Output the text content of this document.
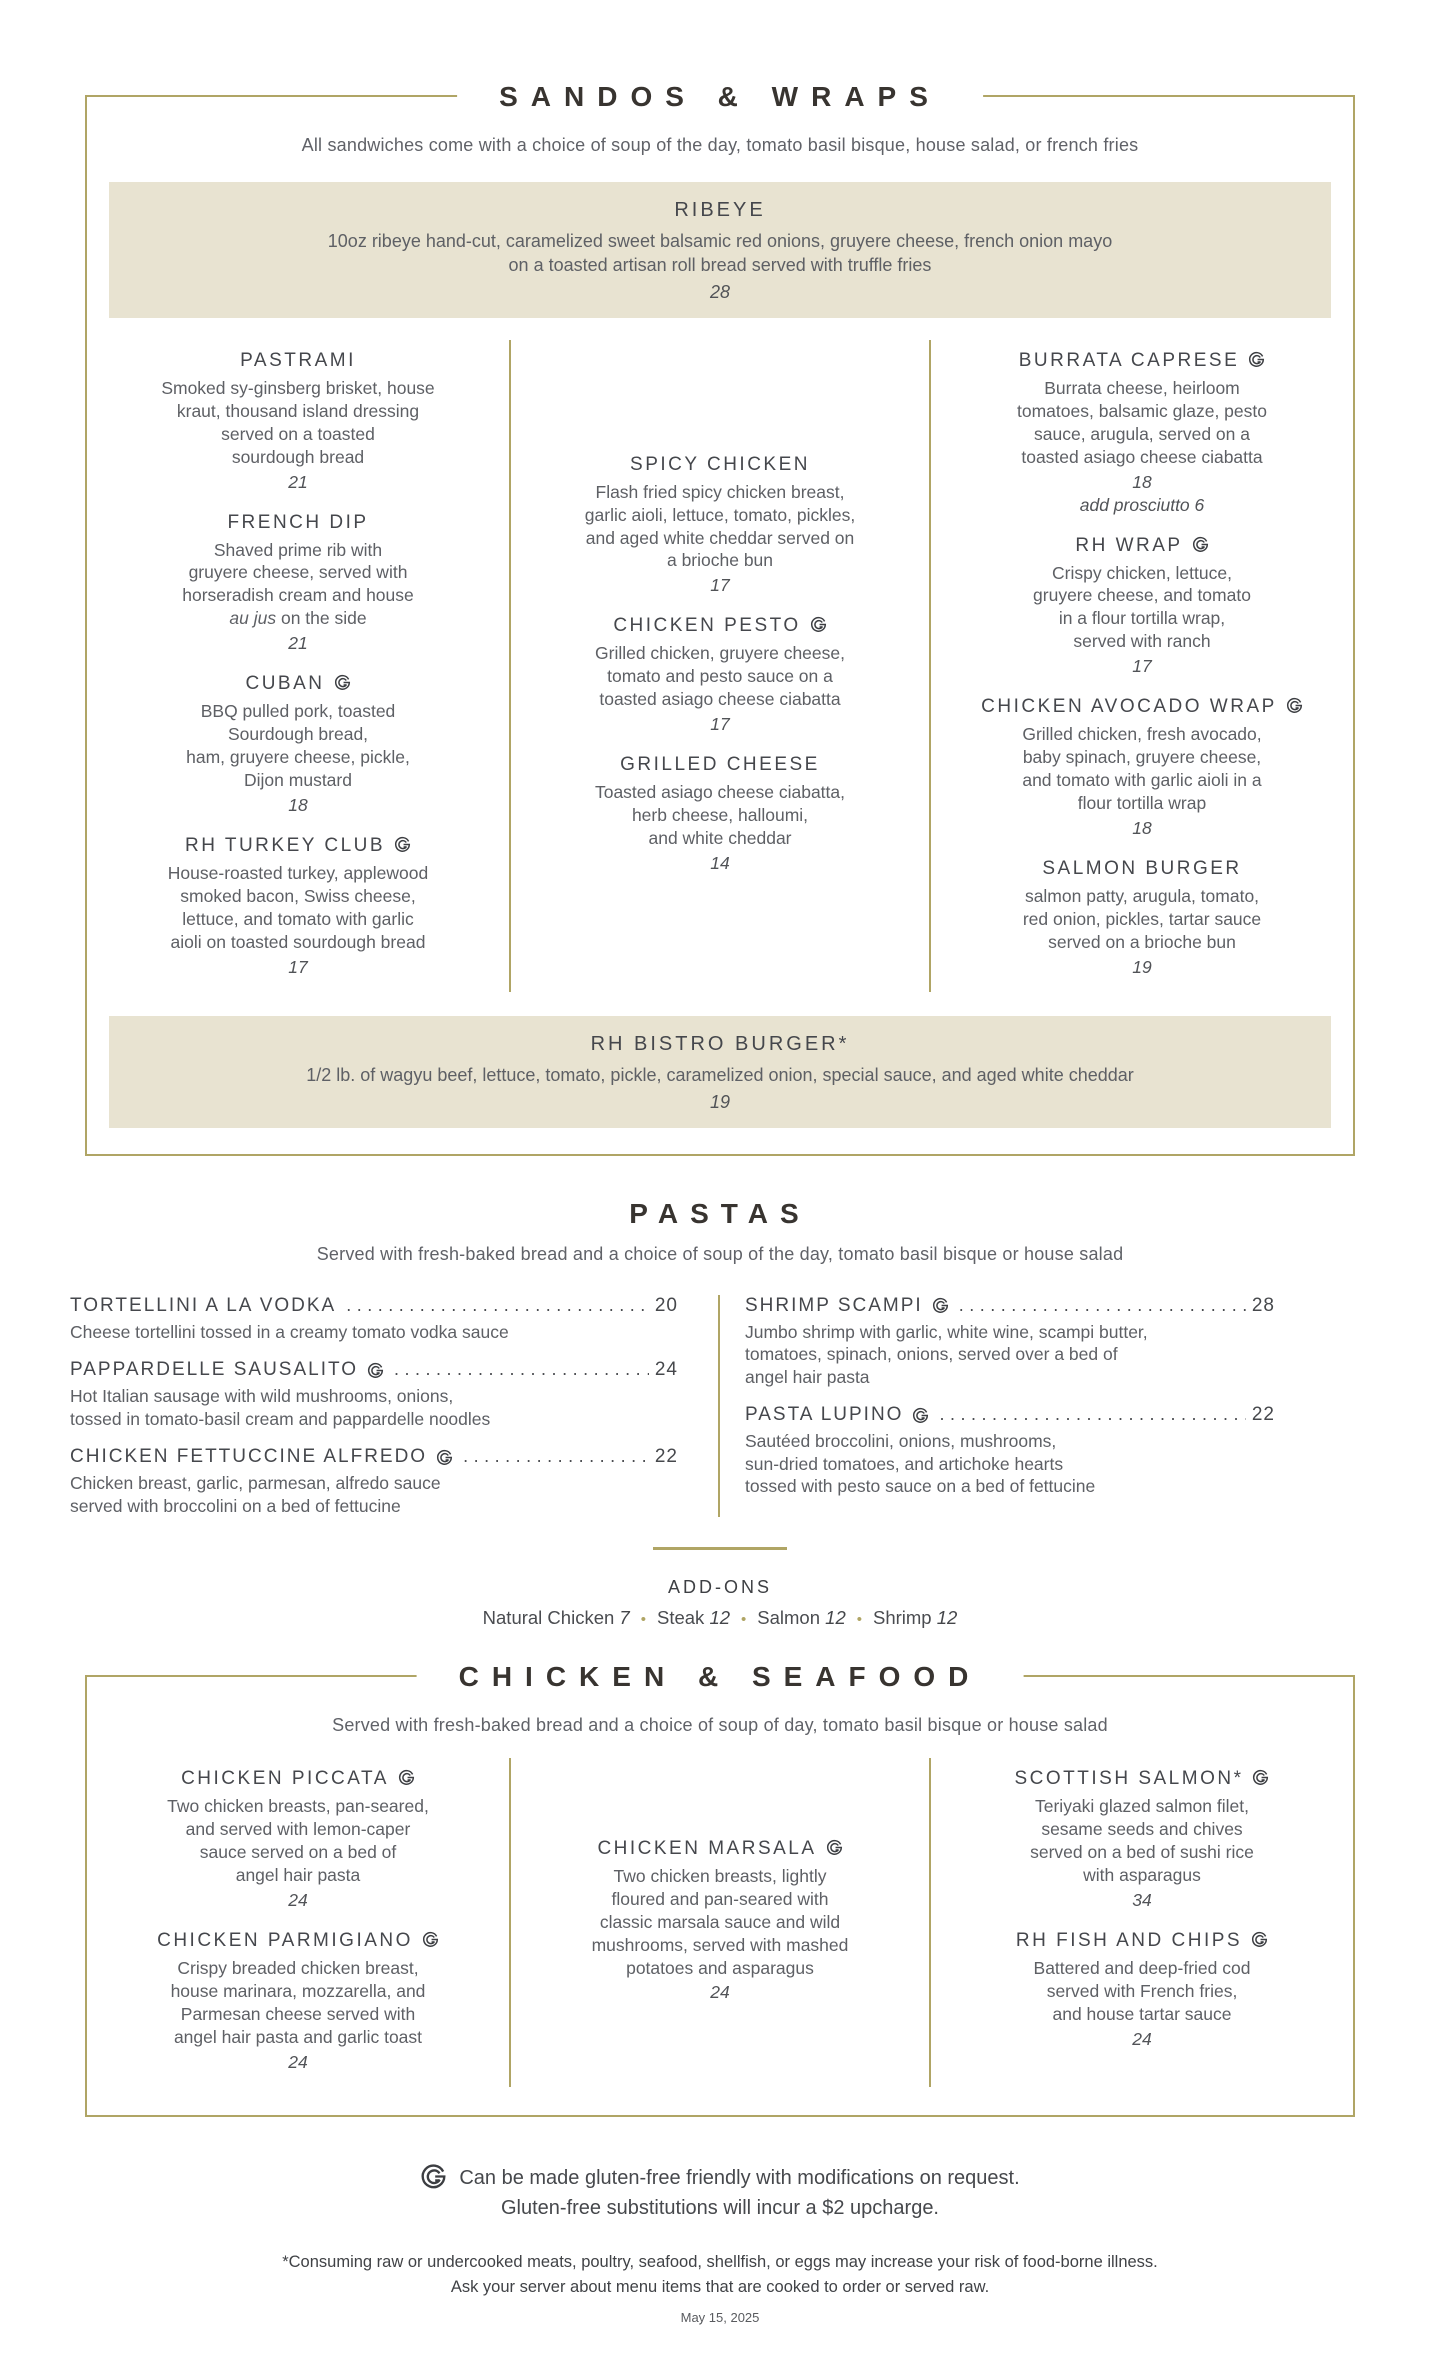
SANDOS & WRAPS
All sandwiches come with a choice of soup of the day, tomato basil bisque, house salad, or french fries
RIBEYE
10oz ribeye hand-cut, caramelized sweet balsamic red onions, gruyere cheese, french onion mayo
on a toasted artisan roll bread served with truffle fries
28
PASTRAMI
Smoked sy-ginsberg brisket, house
kraut, thousand island dressing
served on a toasted
sourdough bread
21
FRENCH DIP
Shaved prime rib with
gruyere cheese, served with
horseradish cream and house
au jus on the side
21
CUBAN
BBQ pulled pork, toasted
Sourdough bread,
ham, gruyere cheese, pickle,
Dijon mustard
18
RH TURKEY CLUB
House-roasted turkey, applewood
smoked bacon, Swiss cheese,
lettuce, and tomato with garlic
aioli on toasted sourdough bread
17
SPICY CHICKEN
Flash fried spicy chicken breast,
garlic aioli, lettuce, tomato, pickles,
and aged white cheddar served on
a brioche bun
17
CHICKEN PESTO
Grilled chicken, gruyere cheese,
tomato and pesto sauce on a
toasted asiago cheese ciabatta
17
GRILLED CHEESE
Toasted asiago cheese ciabatta,
herb cheese, halloumi,
and white cheddar
14
BURRATA CAPRESE
Burrata cheese, heirloom
tomatoes, balsamic glaze, pesto
sauce, arugula, served on a
toasted asiago cheese ciabatta
18
add prosciutto 6
RH WRAP
Crispy chicken, lettuce,
gruyere cheese, and tomato
in a flour tortilla wrap,
served with ranch
17
CHICKEN AVOCADO WRAP
Grilled chicken, fresh avocado,
baby spinach, gruyere cheese,
and tomato with garlic aioli in a
flour tortilla wrap
18
SALMON BURGER
salmon patty, arugula, tomato,
red onion, pickles, tartar sauce
served on a brioche bun
19
RH BISTRO BURGER*
1/2 lb. of wagyu beef, lettuce, tomato, pickle, caramelized onion, special sauce, and aged white cheddar
19
PASTAS
Served with fresh-baked bread and a choice of soup of the day, tomato basil bisque or house salad
TORTELLINI A LA VODKA .....	20
Cheese tortellini tossed in a creamy tomato vodka sauce
PAPPARDELLE SAUSALITO .....	24
Hot Italian sausage with wild mushrooms, onions,
tossed in tomato-basil cream and pappardelle noodles
CHICKEN FETTUCCINE ALFREDO .....	22
Chicken breast, garlic, parmesan, alfredo sauce
served with broccolini on a bed of fettucine
SHRIMP SCAMPI .....	28
Jumbo shrimp with garlic, white wine, scampi butter,
tomatoes, spinach, onions, served over a bed of
angel hair pasta
PASTA LUPINO .....	22
Sautéed broccolini, onions, mushrooms,
sun-dried tomatoes, and artichoke hearts
tossed with pesto sauce on a bed of fettucine
ADD-ONS
Natural Chicken 7 • Steak 12 • Salmon 12 • Shrimp 12
CHICKEN & SEAFOOD
Served with fresh-baked bread and a choice of soup of day, tomato basil bisque or house salad
CHICKEN PICCATA
Two chicken breasts, pan-seared,
and served with lemon-caper
sauce served on a bed of
angel hair pasta
24
CHICKEN PARMIGIANO
Crispy breaded chicken breast,
house marinara, mozzarella, and
Parmesan cheese served with
angel hair pasta and garlic toast
24
CHICKEN MARSALA
Two chicken breasts, lightly
floured and pan-seared with
classic marsala sauce and wild
mushrooms, served with mashed
potatoes and asparagus
24
SCOTTISH SALMON*
Teriyaki glazed salmon filet,
sesame seeds and chives
served on a bed of sushi rice
with asparagus
34
RH FISH AND CHIPS
Battered and deep-fried cod
served with French fries,
and house tartar sauce
24
Can be made gluten-free friendly with modifications on request.
Gluten-free substitutions will incur a $2 upcharge.
*Consuming raw or undercooked meats, poultry, seafood, shellfish, or eggs may increase your risk of food-borne illness.
Ask your server about menu items that are cooked to order or served raw.
May 15, 2025
